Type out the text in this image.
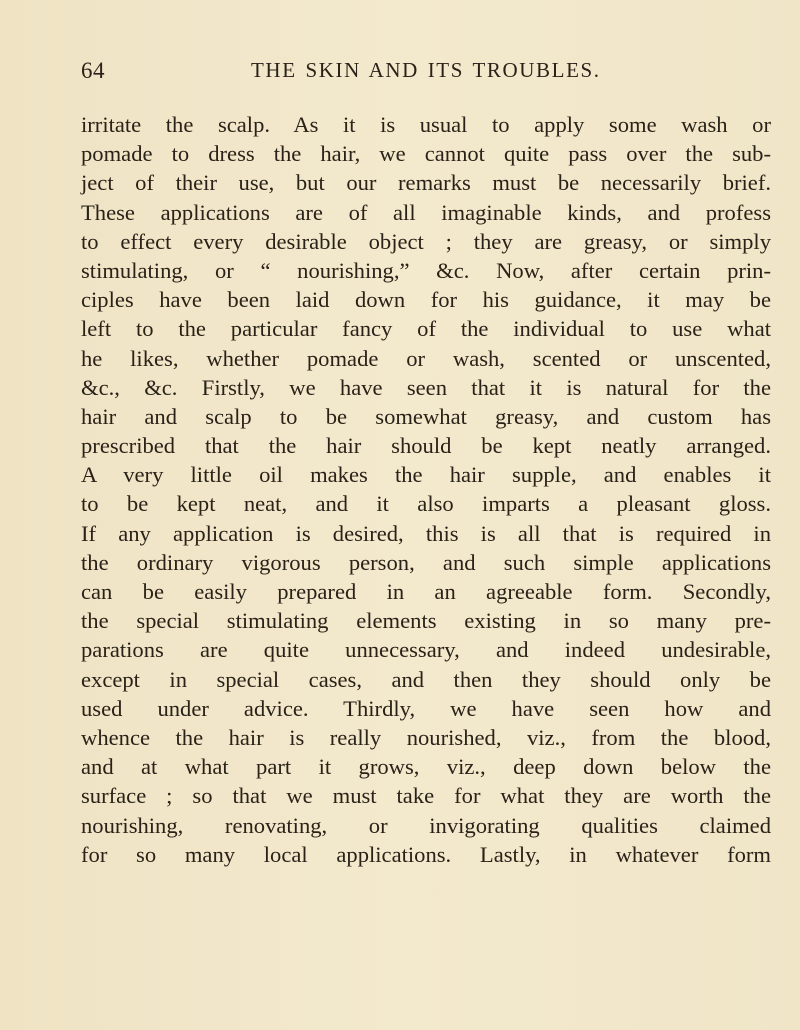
64	THE SKIN AND ITS TROUBLES.
irritate the scalp. As it is usual to apply some wash or
pomade to dress the hair, we cannot quite pass over the sub-
ject of their use, but our remarks must be necessarily brief.
These applications are of all imaginable kinds, and profess
to effect every desirable object ; they are greasy, or simply
stimulating, or “ nourishing,” &c. Now, after certain prin-
ciples have been laid down for his guidance, it may be
left to the particular fancy of the individual to use what
he likes, whether pomade or wash, scented or unscented,
&c., &c. Firstly, we have seen that it is natural for the
hair and scalp to be somewhat greasy, and custom has
prescribed that the hair should be kept neatly arranged.
A very little oil makes the hair supple, and enables it
to be kept neat, and it also imparts a pleasant gloss.
If any application is desired, this is all that is required in
the ordinary vigorous person, and such simple applications
can be easily prepared in an agreeable form. Secondly,
the special stimulating elements existing in so many pre-
parations are quite unnecessary, and indeed undesirable,
except in special cases, and then they should only be
used under advice. Thirdly, we have seen how and
whence the hair is really nourished, viz., from the blood,
and at what part it grows, viz., deep down below the
surface ; so that we must take for what they are worth the
nourishing, renovating, or invigorating qualities claimed
for so many local applications. Lastly, in whatever form
